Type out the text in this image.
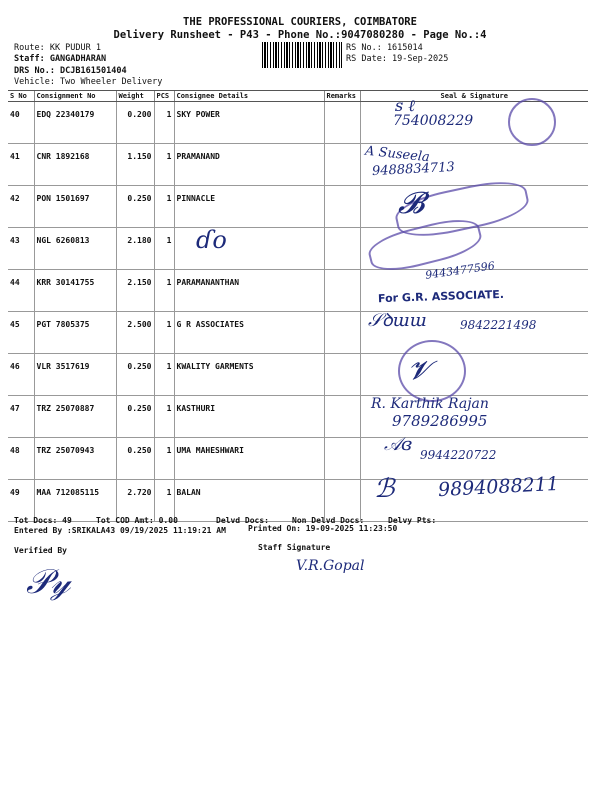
THE PROFESSIONAL COURIERS, COIMBATORE
Delivery Runsheet - P43 - Phone No.:9047080280 - Page No.:4
Route: KK PUDUR 1
Staff: GANGADHARAN
DRS No.: DCJB161501404
Vehicle: Two Wheeler Delivery
RS No.: 1615014
RS Date: 19-Sep-2025
S No	Consignment No	Weight	PCS	Consignee Details	Remarks	Seal & Signature
40	EDQ 22340179	0.200	1	SKY POWER		
41	CNR 1892168	1.150	1	PRAMANAND		
42	PON 1501697	0.250	1	PINNACLE		
43	NGL 6260813	2.180	1			
44	KRR 30141755	2.150	1	PARAMANANTHAN		
45	PGT 7805375	2.500	1	G R ASSOCIATES		
46	VLR 3517619	0.250	1	KWALITY GARMENTS		
47	TRZ 25070887	0.250	1	KASTHURI		
48	TRZ 25070943	0.250	1	UMA MAHESHWARI		
49	MAA 712085115	2.720	1	BALAN		
ꜱ ℓ
754008229
A Suseela
9488834713
𝓑
ɗo
9443477596
For G.R. ASSOCIATE.
𝒮ꝺɯɯ	9842221498
𝓥
R. Karthik Rajan
9789286995
𝒜ɞ 9944220722
ℬ 9894088211
Tot Docs: 49	Tot COD Amt: 0.00	Delvd Docs:	Non Delvd Docs:	Delvy Pts:
Entered By :SRIKALA43 09/19/2025 11:19:21 AM	Printed On: 19-09-2025 11:23:50
Verified By	Staff Signature
𝒫𝓎	V.R.Gopal
